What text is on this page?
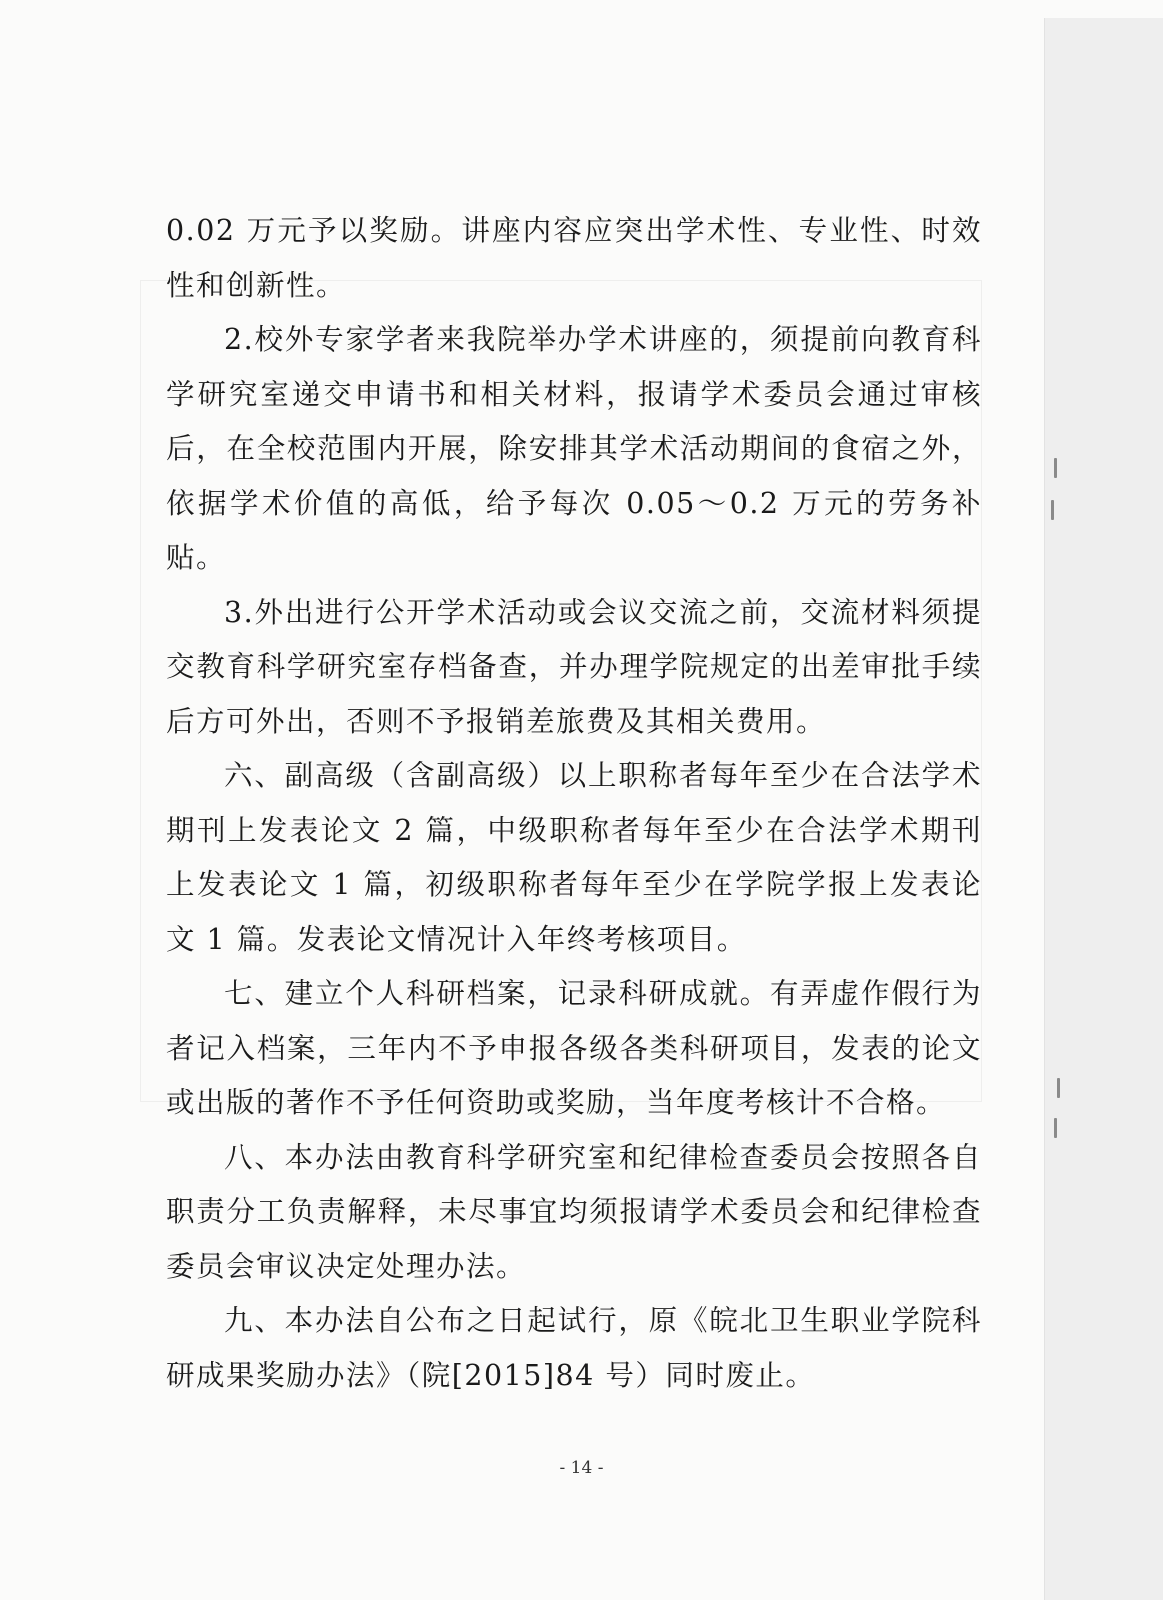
0.02 万元予以奖励。讲座内容应突出学术性、专业性、时效性和创新性。

2.校外专家学者来我院举办学术讲座的，须提前向教育科学研究室递交申请书和相关材料，报请学术委员会通过审核后，在全校范围内开展，除安排其学术活动期间的食宿之外，依据学术价值的高低，给予每次 0.05～0.2 万元的劳务补贴。

3.外出进行公开学术活动或会议交流之前，交流材料须提交教育科学研究室存档备查，并办理学院规定的出差审批手续后方可外出，否则不予报销差旅费及其相关费用。

六、副高级（含副高级）以上职称者每年至少在合法学术期刊上发表论文 2 篇，中级职称者每年至少在合法学术期刊上发表论文 1 篇，初级职称者每年至少在学院学报上发表论文 1 篇。发表论文情况计入年终考核项目。

七、建立个人科研档案，记录科研成就。有弄虚作假行为者记入档案，三年内不予申报各级各类科研项目，发表的论文或出版的著作不予任何资助或奖励，当年度考核计不合格。

八、本办法由教育科学研究室和纪律检查委员会按照各自职责分工负责解释，未尽事宜均须报请学术委员会和纪律检查委员会审议决定处理办法。

九、本办法自公布之日起试行，原《皖北卫生职业学院科研成果奖励办法》（院[2015]84 号）同时废止。

- 14 -
